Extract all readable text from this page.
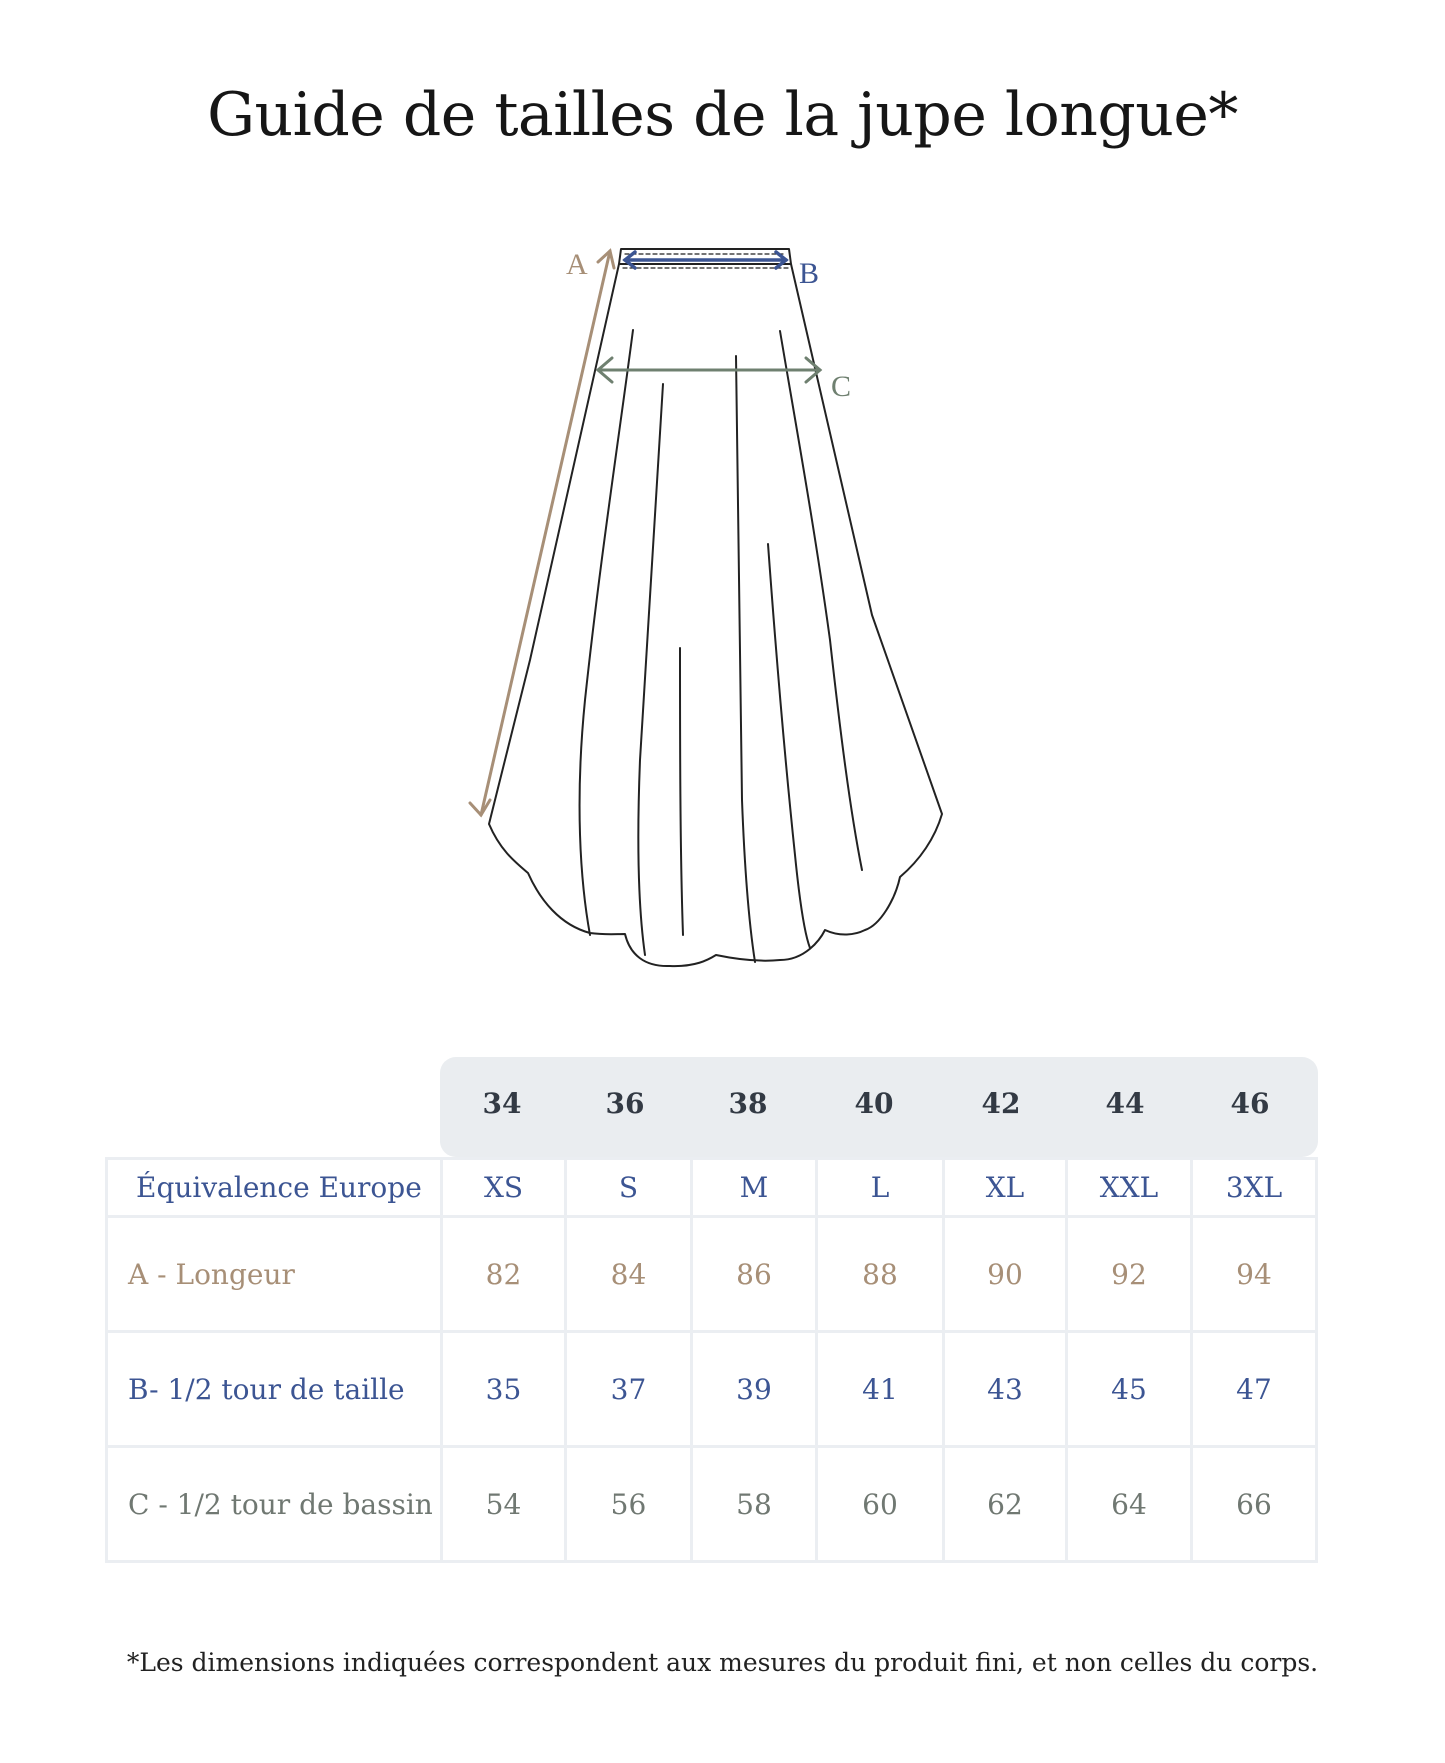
Guide de tailles de la jupe longue*
A	B
C
34	36	38	40	42	44	46
Équivalence Europe	XS	S	M	L	XL	XXL	3XL
A - Longeur	82	84	86	88	90	92	94
B- 1/2 tour de taille	35	37	39	41	43	45	47
C - 1/2 tour de bassin	54	56	58	60	62	64	66
*Les dimensions indiquées correspondent aux mesures du produit fini, et non celles du corps.
